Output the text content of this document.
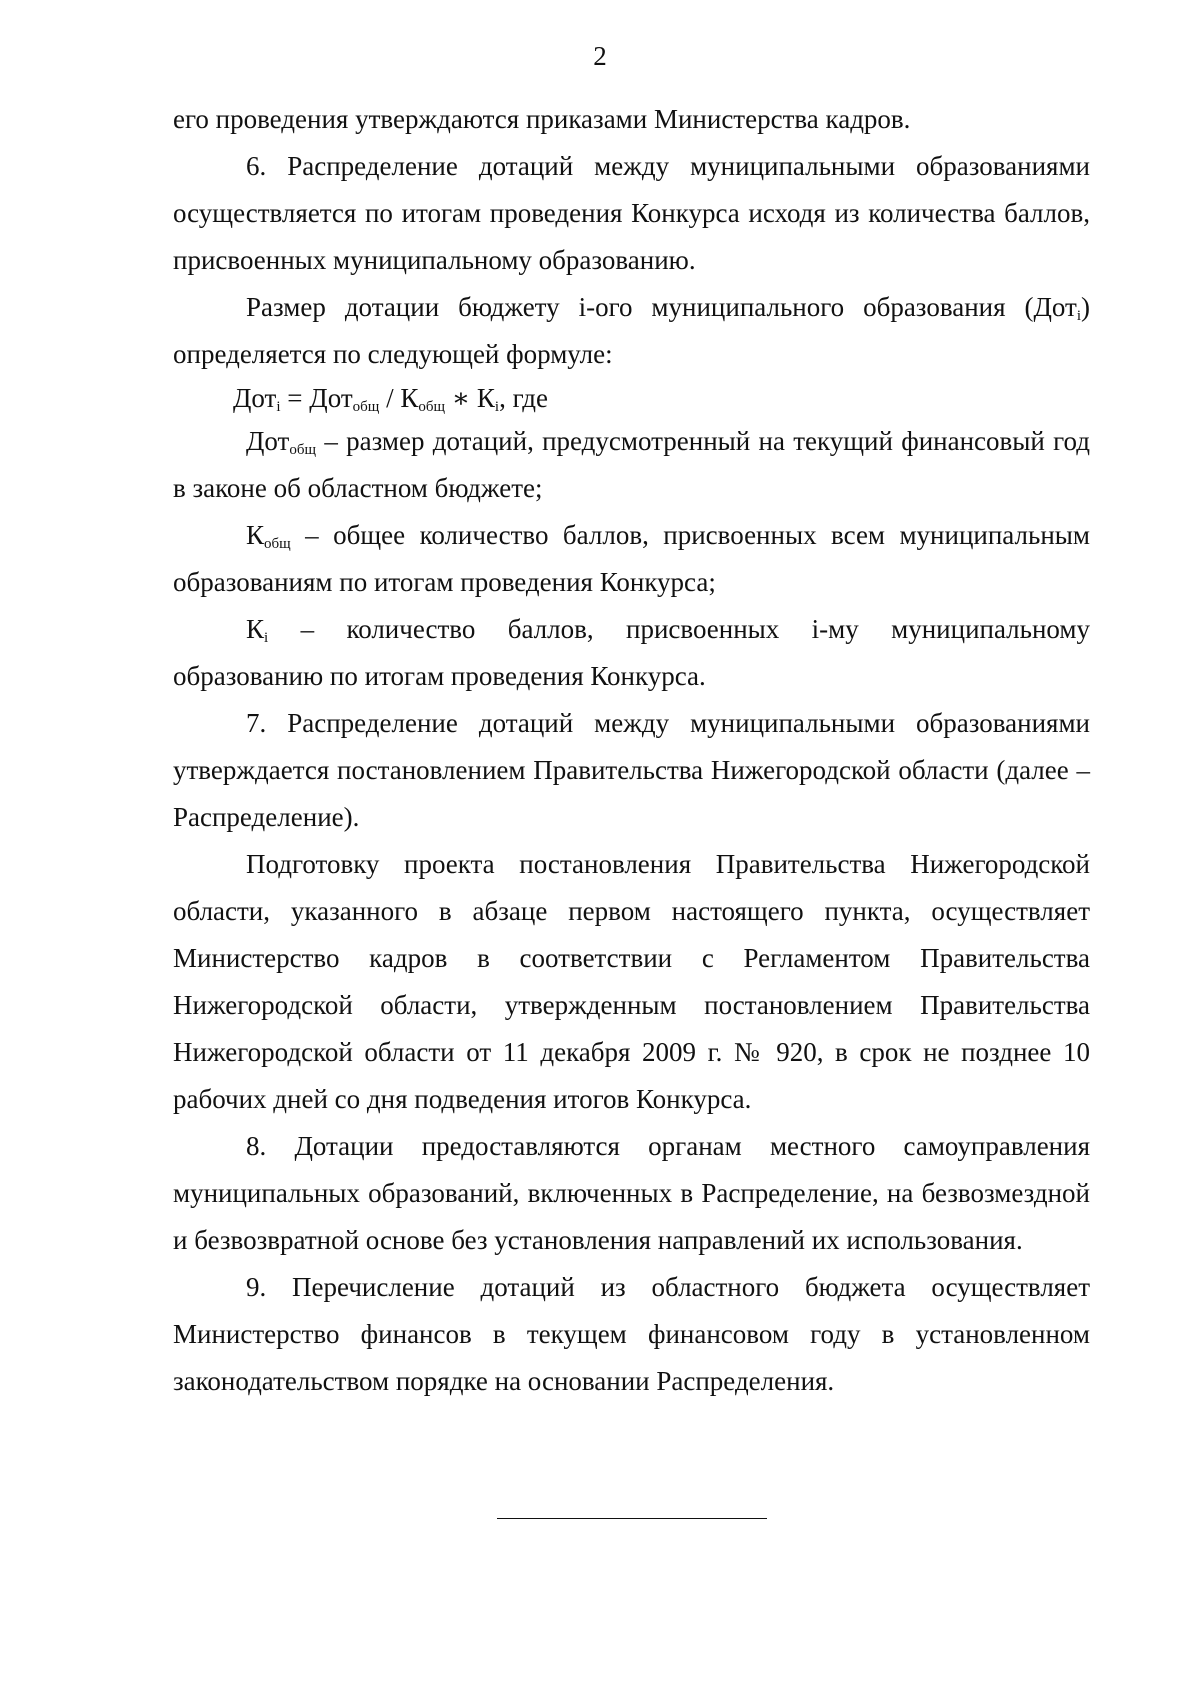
2

его проведения утверждаются приказами Министерства кадров.

6. Распределение дотаций между муниципальными образованиями осуществляется по итогам проведения Конкурса исходя из количества баллов, присвоенных муниципальному образованию.

Размер дотации бюджету i-ого муниципального образования (Дот$_i$) определяется по следующей формуле:

$Дот_i = Дот_{общ} / К_{общ}$ ∗ $К_i$, где

Дот$_{общ}$ – размер дотаций, предусмотренный на текущий финансовый год в законе об областном бюджете;

$К_{общ}$ – общее количество баллов, присвоенных всем муниципальным образованиям по итогам проведения Конкурса;

$К_i$ – количество баллов, присвоенных i-му муниципальному образованию по итогам проведения Конкурса.

7. Распределение дотаций между муниципальными образованиями утверждается постановлением Правительства Нижегородской области (далее – Распределение).

Подготовку проекта постановления Правительства Нижегородской области, указанного в абзаце первом настоящего пункта, осуществляет Министерство кадров в соответствии с Регламентом Правительства Нижегородской области, утвержденным постановлением Правительства Нижегородской области от 11 декабря 2009 г. № 920, в срок не позднее 10 рабочих дней со дня подведения итогов Конкурса.

8. Дотации предоставляются органам местного самоуправления муниципальных образований, включенных в Распределение, на безвозмездной и безвозвратной основе без установления направлений их использования.

9. Перечисление дотаций из областного бюджета осуществляет Министерство финансов в текущем финансовом году в установленном законодательством порядке на основании Распределения.
